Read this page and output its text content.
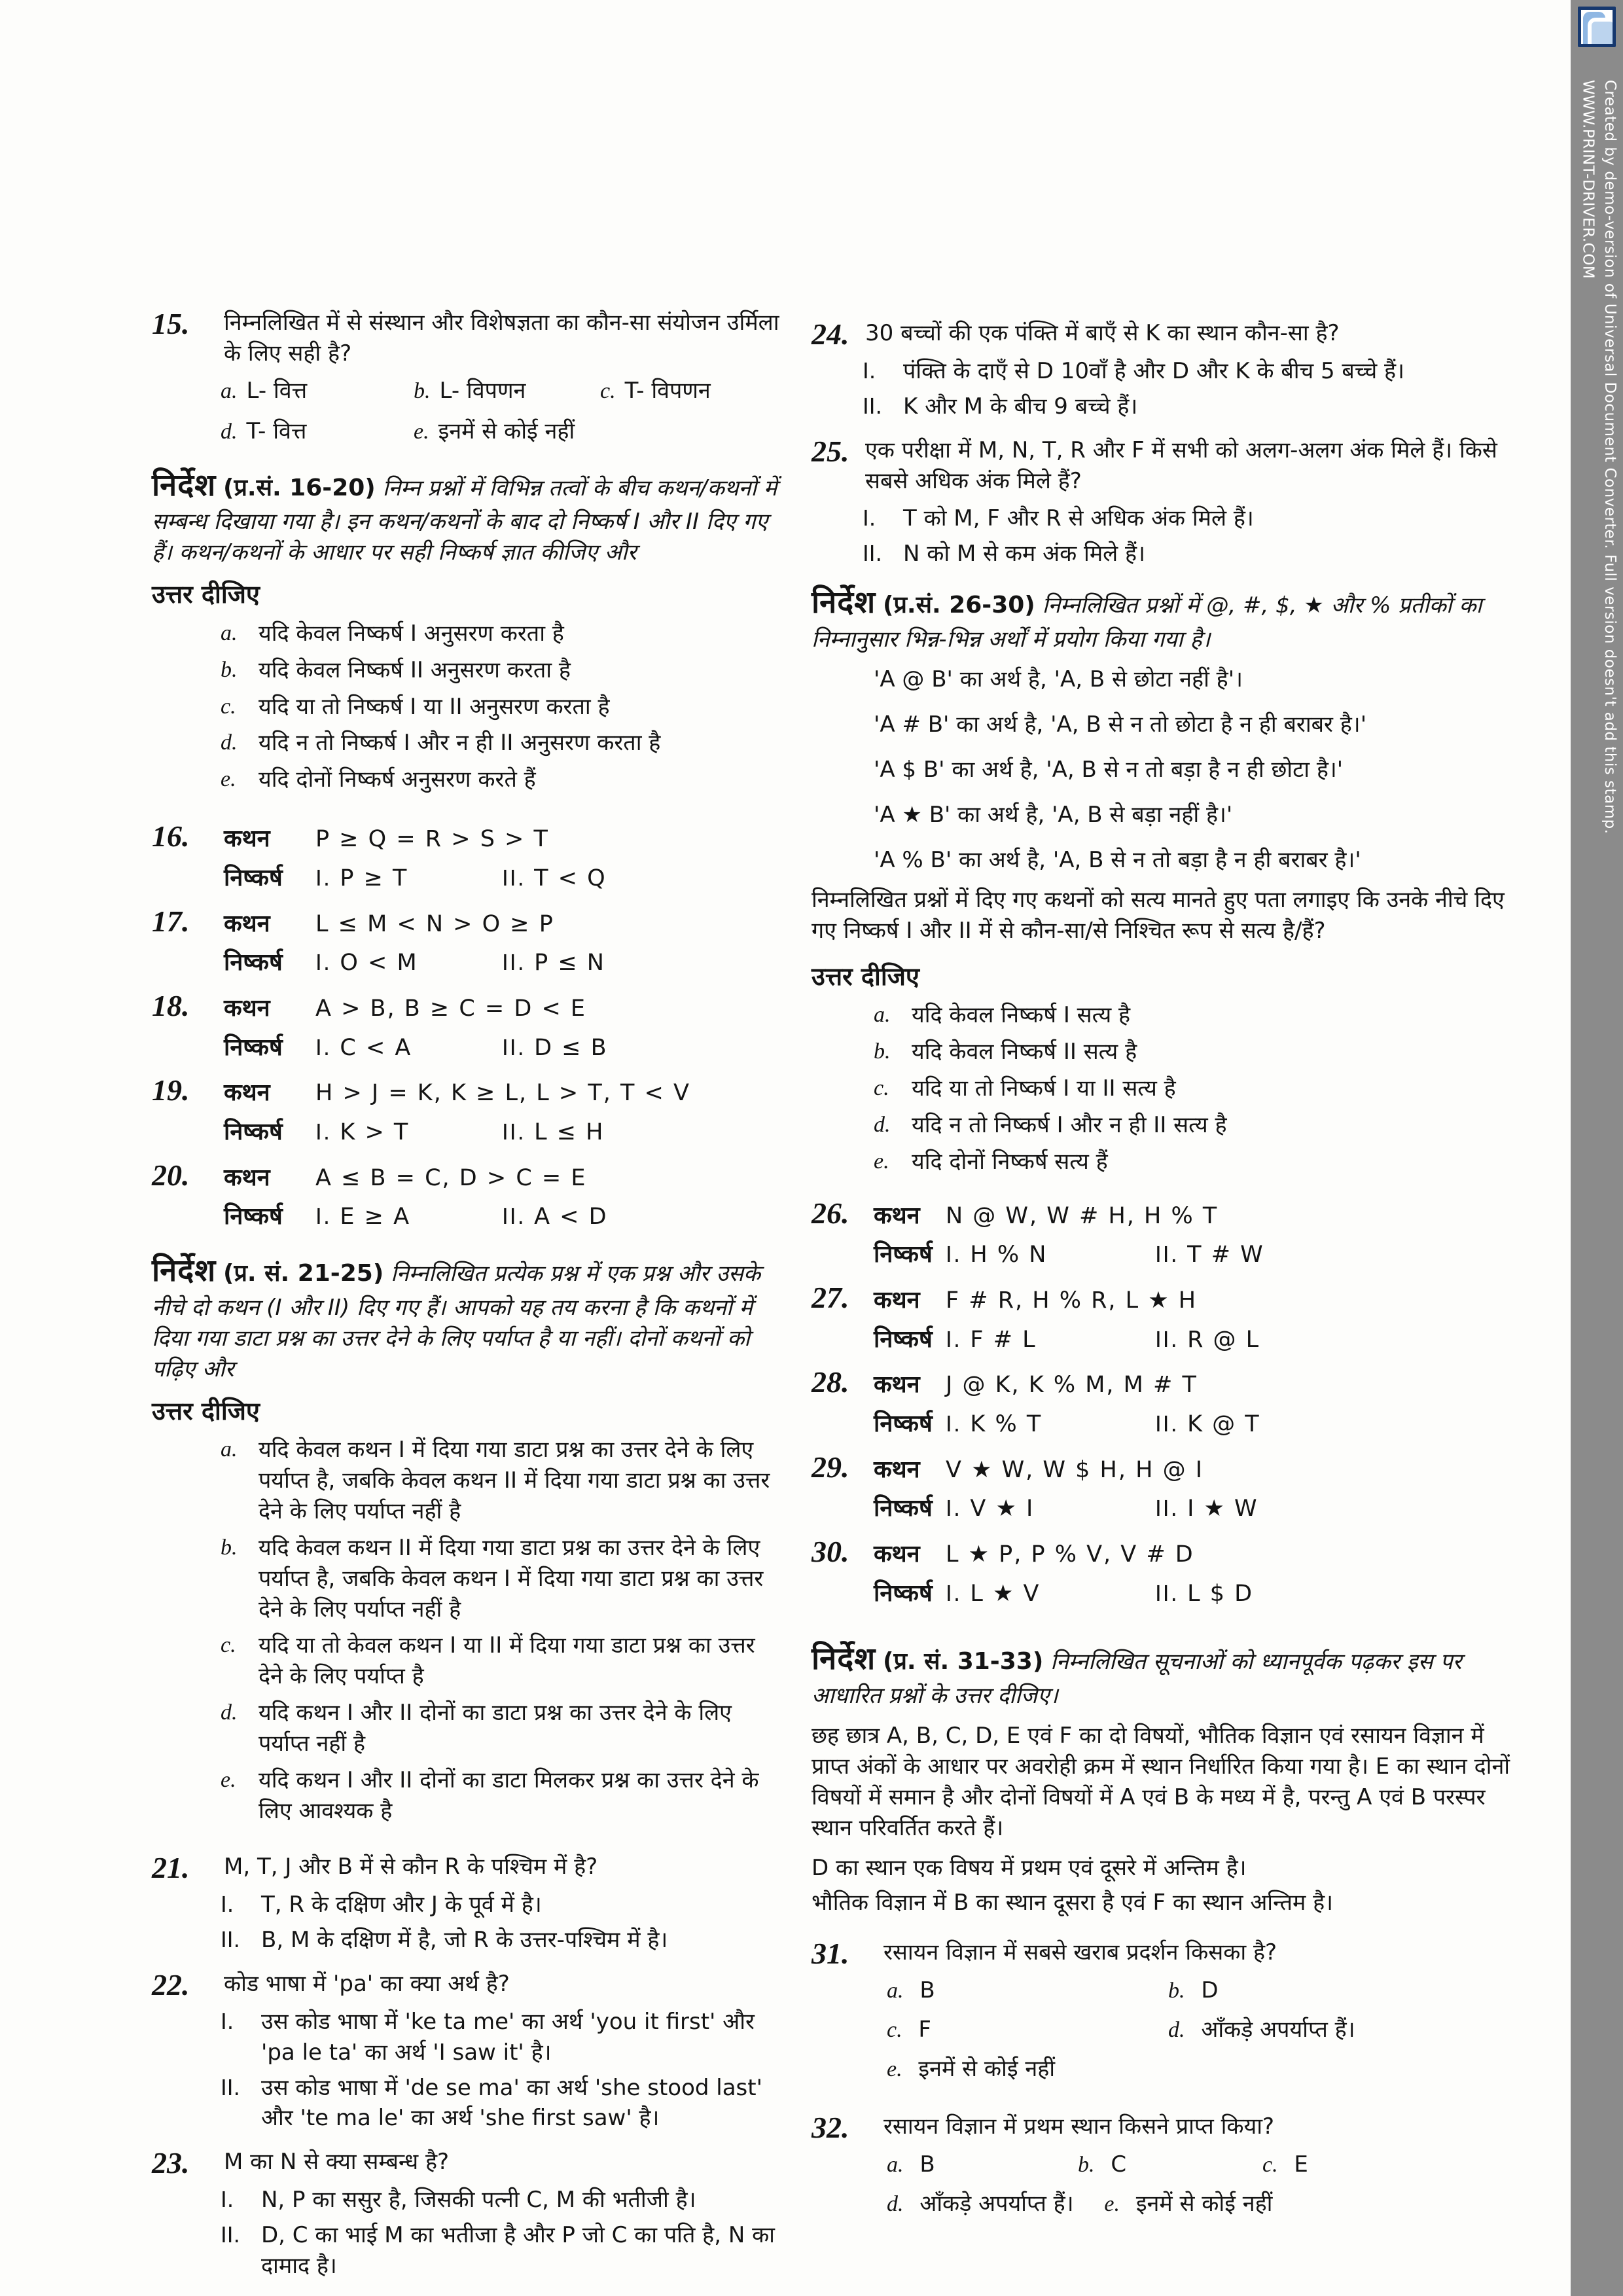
15.	निम्नलिखित में से संस्थान और विशेषज्ञता का कौन-सा संयोजन उर्मिला के लिए सही है?
a. L- वित्त	b. L- विपणन	c. T- विपणन
d. T- वित्त	e. इनमें से कोई नहीं

निर्देश (प्र.सं. 16-20) निम्न प्रश्नों में विभिन्न तत्वों के बीच कथन/कथनों में सम्बन्ध दिखाया गया है। इन कथन/कथनों के बाद दो निष्कर्ष I और II दिए गए हैं। कथन/कथनों के आधार पर सही निष्कर्ष ज्ञात कीजिए और

उत्तर दीजिए
a. यदि केवल निष्कर्ष I अनुसरण करता है
b. यदि केवल निष्कर्ष II अनुसरण करता है
c.	यदि या तो निष्कर्ष I या II अनुसरण करता है
d. यदि न तो निष्कर्ष I और न ही II अनुसरण करता है
e.	यदि दोनों निष्कर्ष अनुसरण करते हैं
16.	कथन	P ≥ Q = R > S > T
निष्कर्ष	I. P ≥ T	II. T < Q
17.	कथन	L ≤ M < N > O ≥ P
निष्कर्ष	I. O < M	II. P ≤ N
18.	कथन	A > B, B ≥ C = D < E
निष्कर्ष	I. C < A	II. D ≤ B
19.	कथन	H > J = K, K ≥ L, L > T, T < V
निष्कर्ष	I. K > T	II. L ≤ H
20.	कथन	A ≤ B = C, D > C = E
निष्कर्ष	I. E ≥ A	II. A < D

निर्देश (प्र. सं. 21-25) निम्नलिखित प्रत्येक प्रश्न में एक प्रश्न और उसके नीचे दो कथन (I और II) दिए गए हैं। आपको यह तय करना है कि कथनों में दिया गया डाटा प्रश्न का उत्तर देने के लिए पर्याप्त है या नहीं। दोनों कथनों को पढ़िए और

उत्तर दीजिए
a. यदि केवल कथन I में दिया गया डाटा प्रश्न का उत्तर देने के लिए पर्याप्त है, जबकि केवल कथन II में दिया गया डाटा प्रश्न का उत्तर देने के लिए पर्याप्त नहीं है
b. यदि केवल कथन II में दिया गया डाटा प्रश्न का उत्तर देने के लिए पर्याप्त है, जबकि केवल कथन I में दिया गया डाटा प्रश्न का उत्तर देने के लिए पर्याप्त नहीं है
c.	यदि या तो केवल कथन I या II में दिया गया डाटा प्रश्न का उत्तर देने के लिए पर्याप्त है
d. यदि कथन I और II दोनों का डाटा प्रश्न का उत्तर देने के लिए पर्याप्त नहीं है
e.	यदि कथन I और II दोनों का डाटा मिलकर प्रश्न का उत्तर देने के लिए आवश्यक है
21.	M, T, J और B में से कौन R के पश्चिम में है?
I.	T, R के दक्षिण और J के पूर्व में है।
II. B, M के दक्षिण में है, जो R के उत्तर-पश्चिम में है।
22.	कोड भाषा में 'pa' का क्या अर्थ है?
I.	उस कोड भाषा में 'ke ta me' का अर्थ 'you it first' और 'pa le ta' का अर्थ 'I saw it' है।
II. उस कोड भाषा में 'de se ma' का अर्थ 'she stood last' और 'te ma le' का अर्थ 'she first saw' है।
23.	M का N से क्या सम्बन्ध है?
I.	N, P का ससुर है, जिसकी पत्नी C, M की भतीजी है।
II. D, C का भाई M का भतीजा है और P जो C का पति है, N का दामाद है।
24. 30 बच्चों की एक पंक्ति में बाएँ से K का स्थान कौन-सा है?
I.	पंक्ति के दाएँ से D 10वाँ है और D और K के बीच 5 बच्चे हैं।
II. K और M के बीच 9 बच्चे हैं।
25. एक परीक्षा में M, N, T, R और F में सभी को अलग-अलग अंक मिले हैं। किसे सबसे अधिक अंक मिले हैं?
I.	T को M, F और R से अधिक अंक मिले हैं।
II. N को M से कम अंक मिले हैं।

निर्देश (प्र.सं. 26-30) निम्नलिखित प्रश्नों में @, #, $, ★ और % प्रतीकों का निम्नानुसार भिन्न-भिन्न अर्थों में प्रयोग किया गया है।

'A @ B' का अर्थ है, 'A, B से छोटा नहीं है'।
'A # B' का अर्थ है, 'A, B से न तो छोटा है न ही बराबर है।'
'A $ B' का अर्थ है, 'A, B से न तो बड़ा है न ही छोटा है।'
'A ★ B' का अर्थ है, 'A, B से बड़ा नहीं है।'
'A % B' का अर्थ है, 'A, B से न तो बड़ा है न ही बराबर है।'

निम्नलिखित प्रश्नों में दिए गए कथनों को सत्य मानते हुए पता लगाइए कि उनके नीचे दिए गए निष्कर्ष I और II में से कौन-सा/से निश्चित रूप से सत्य है/हैं?

उत्तर दीजिए
a. यदि केवल निष्कर्ष I सत्य है
b. यदि केवल निष्कर्ष II सत्य है
c.	यदि या तो निष्कर्ष I या II सत्य है
d. यदि न तो निष्कर्ष I और न ही II सत्य है
e.	यदि दोनों निष्कर्ष सत्य हैं
26.	कथन	N @ W, W # H, H % T
निष्कर्ष I. H % N	II. T # W
27.	कथन	F # R, H % R, L ★ H
निष्कर्ष I. F # L	II. R @ L
28.	कथन	J @ K, K % M, M # T
निष्कर्ष I. K % T	II. K @ T
29.	कथन	V ★ W, W $ H, H @ I
निष्कर्ष I. V ★ I	II. I ★ W
30.	कथन	L ★ P, P % V, V # D
निष्कर्ष I. L ★ V	II. L $ D

निर्देश (प्र. सं. 31-33) निम्नलिखित सूचनाओं को ध्यानपूर्वक पढ़कर इस पर आधारित प्रश्नों के उत्तर दीजिए।

छह छात्र A, B, C, D, E एवं F का दो विषयों, भौतिक विज्ञान एवं रसायन विज्ञान में प्राप्त अंकों के आधार पर अवरोही क्रम में स्थान निर्धारित किया गया है। E का स्थान दोनों विषयों में समान है और दोनों विषयों में A एवं B के मध्य में है, परन्तु A एवं B परस्पर स्थान परिवर्तित करते हैं।

D का स्थान एक विषय में प्रथम एवं दूसरे में अन्तिम है।

भौतिक विज्ञान में B का स्थान दूसरा है एवं F का स्थान अन्तिम है।

31.	रसायन विज्ञान में सबसे खराब प्रदर्शन किसका है?
a. B	b. D
c. F	d. आँकड़े अपर्याप्त हैं।
e. इनमें से कोई नहीं
32.	रसायन विज्ञान में प्रथम स्थान किसने प्राप्त किया?
a. B	b. C	c. E
d. आँकड़े अपर्याप्त हैं। e. इनमें से कोई नहीं
Created by demo-version of Universal Document Converter. Full version doesn't add this stamp.
WWW.PRINT-DRIVER.COM
